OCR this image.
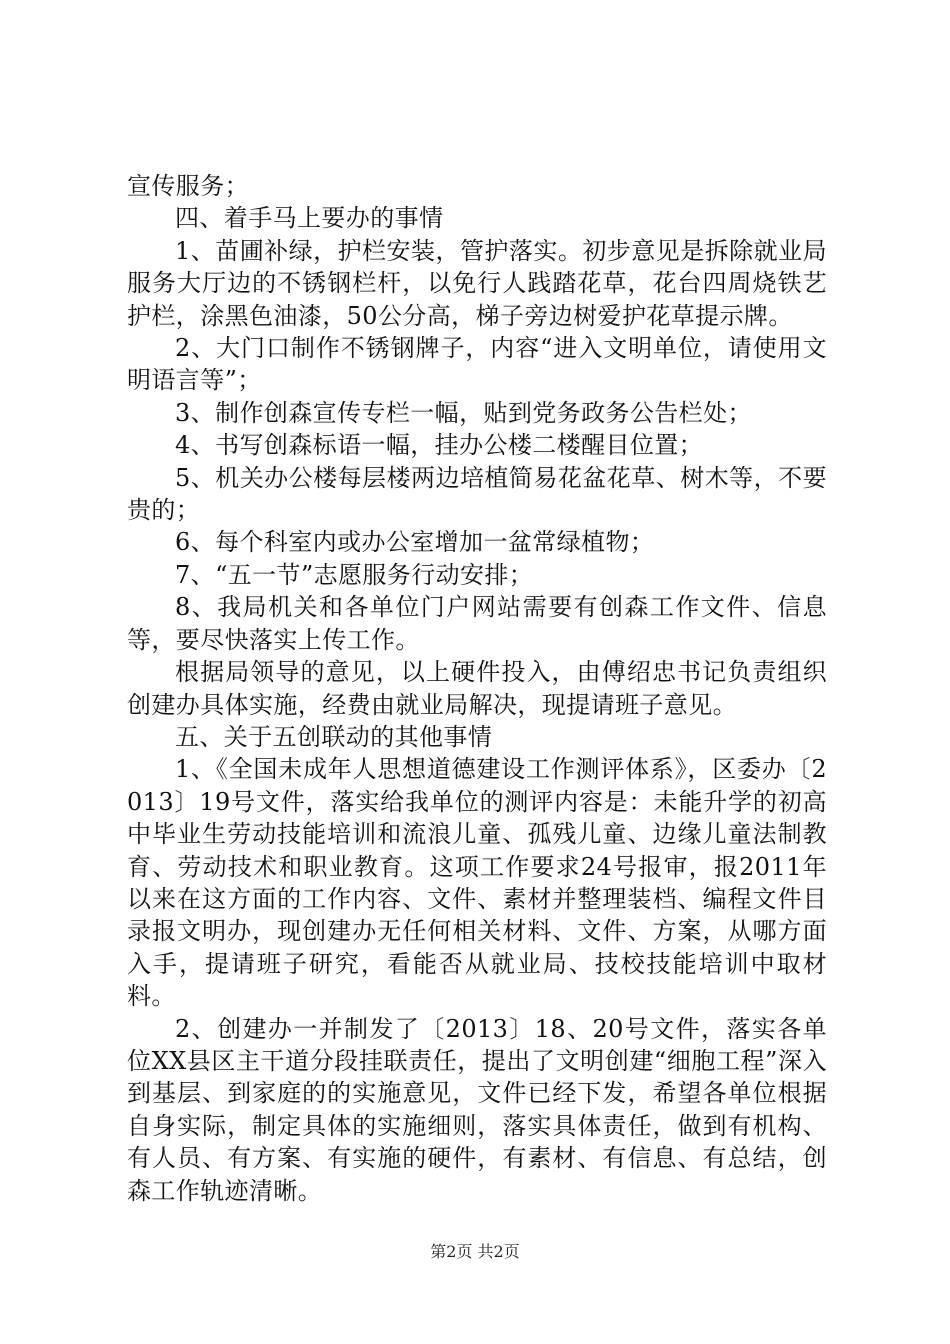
宣传服务；

四、着手马上要办的事情

1、苗圃补绿，护栏安装，管护落实。初步意见是拆除就业局服务大厅边的不锈钢栏杆，以免行人践踏花草，花台四周烧铁艺护栏，涂黑色油漆，50公分高，梯子旁边树爱护花草提示牌。

2、大门口制作不锈钢牌子，内容“进入文明单位，请使用文明语言等”；

3、制作创森宣传专栏一幅，贴到党务政务公告栏处；

4、书写创森标语一幅，挂办公楼二楼醒目位置；

5、机关办公楼每层楼两边培植简易花盆花草、树木等，不要贵的；

6、每个科室内或办公室增加一盆常绿植物；

7、“五一节”志愿服务行动安排；

8、我局机关和各单位门户网站需要有创森工作文件、信息等，要尽快落实上传工作。

根据局领导的意见，以上硬件投入，由傅绍忠书记负责组织创建办具体实施，经费由就业局解决，现提请班子意见。

五、关于五创联动的其他事情

1、《全国未成年人思想道德建设工作测评体系》，区委办〔2013〕19号文件，落实给我单位的测评内容是：未能升学的初高中毕业生劳动技能培训和流浪儿童、孤残儿童、边缘儿童法制教育、劳动技术和职业教育。这项工作要求24号报审，报2011年以来在这方面的工作内容、文件、素材并整理装档、编程文件目录报文明办，现创建办无任何相关材料、文件、方案，从哪方面入手，提请班子研究，看能否从就业局、技校技能培训中取材料。

2、创建办一并制发了〔2013〕18、20号文件，落实各单位XX县区主干道分段挂联责任，提出了文明创建“细胞工程”深入到基层、到家庭的的实施意见，文件已经下发，希望各单位根据自身实际，制定具体的实施细则，落实具体责任，做到有机构、有人员、有方案、有实施的硬件，有素材、有信息、有总结，创森工作轨迹清晰。

第2页 共2页
